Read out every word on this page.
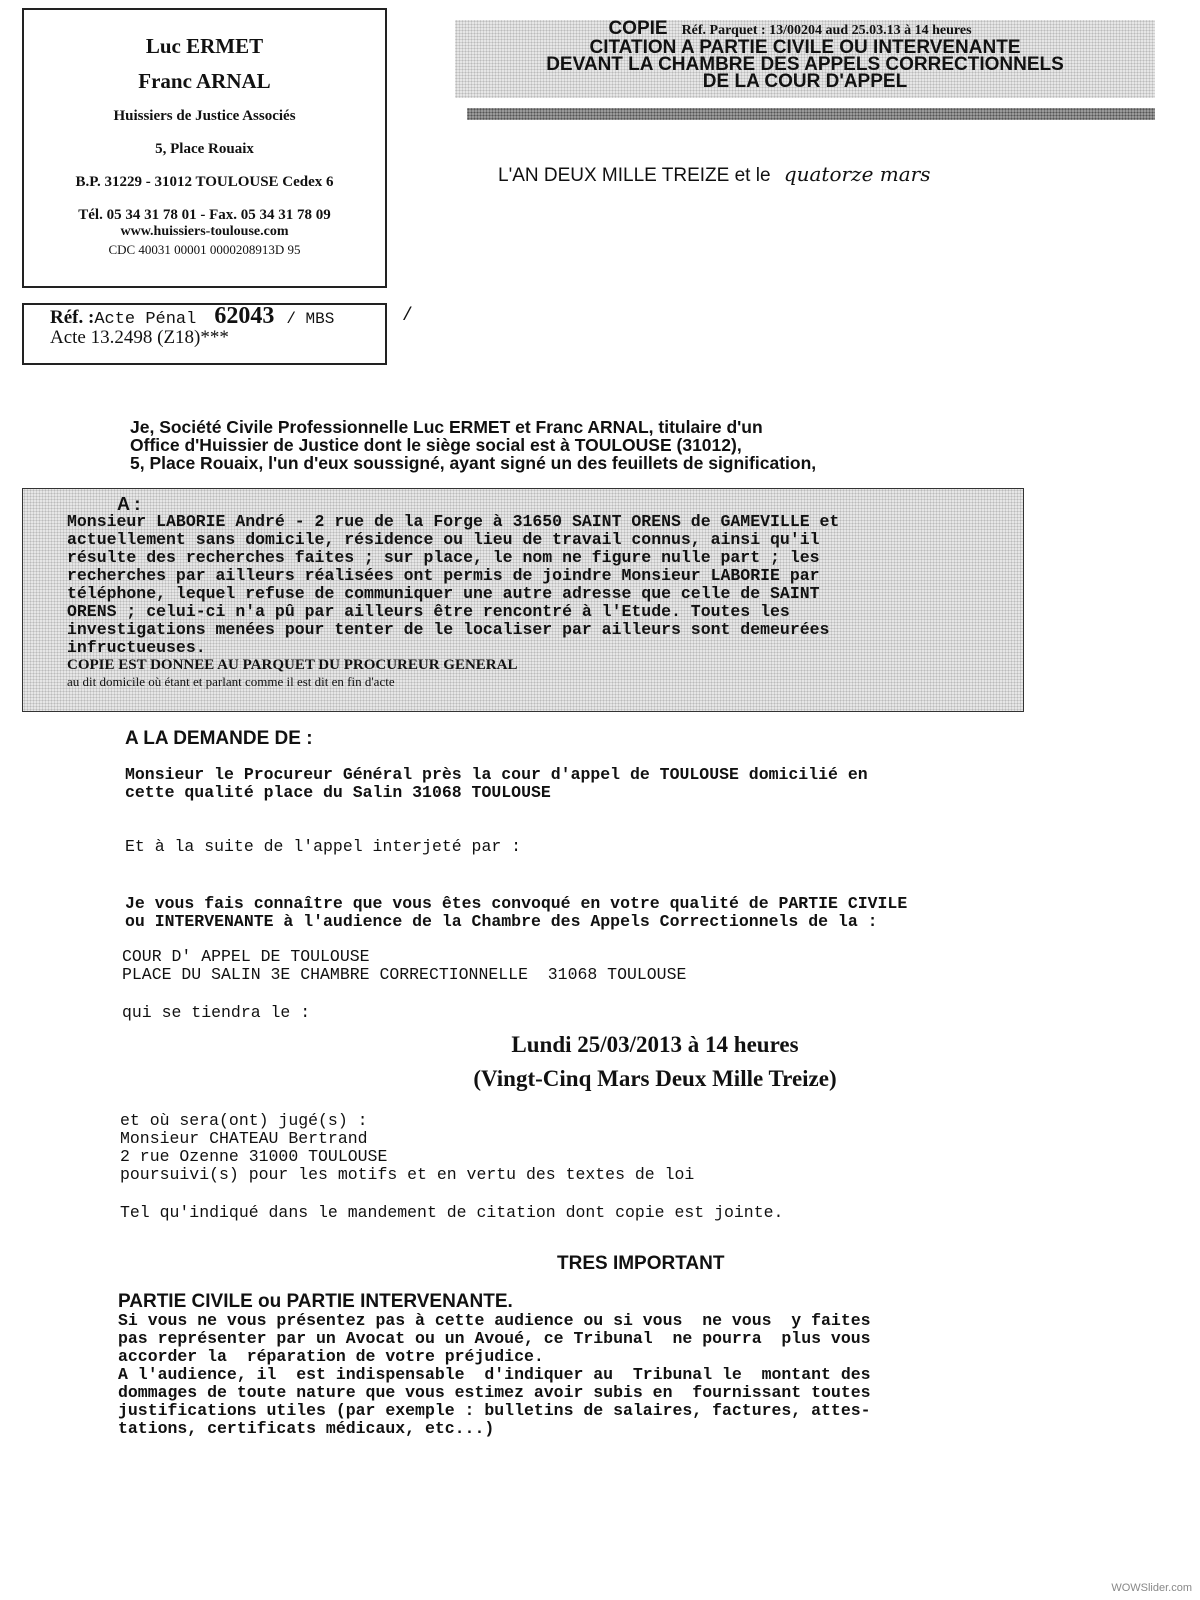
Luc ERMET
Franc ARNAL
Huissiers de Justice Associés
5, Place Rouaix
B.P. 31229 - 31012 TOULOUSE Cedex 6
Tél. 05 34 31 78 01 - Fax. 05 34 31 78 09
www.huissiers-toulouse.com
CDC 40031 00001 0000208913D 95
Réf. :Acte Pénal 62043 / MBS
Acte 13.2498 (Z18)***
/
COPIE Réf. Parquet : 13/00204 aud 25.03.13 à 14 heures
CITATION A PARTIE CIVILE OU INTERVENANTE
DEVANT LA CHAMBRE DES APPELS CORRECTIONNELS
DE LA COUR D'APPEL
L'AN DEUX MILLE TREIZE et le quatorze mars
Je, Société Civile Professionnelle Luc ERMET et Franc ARNAL, titulaire d'un
Office d'Huissier de Justice dont le siège social est à TOULOUSE (31012),
5, Place Rouaix, l'un d'eux soussigné, ayant signé un des feuillets de signification,
A :
Monsieur LABORIE André - 2 rue de la Forge à 31650 SAINT ORENS de GAMEVILLE et
actuellement sans domicile, résidence ou lieu de travail connus, ainsi qu'il
résulte des recherches faites ; sur place, le nom ne figure nulle part ; les
recherches par ailleurs réalisées ont permis de joindre Monsieur LABORIE par
téléphone, lequel refuse de communiquer une autre adresse que celle de SAINT
ORENS ; celui-ci n'a pû par ailleurs être rencontré à l'Etude. Toutes les
investigations menées pour tenter de le localiser par ailleurs sont demeurées
infructueuses.
COPIE EST DONNEE AU PARQUET DU PROCUREUR GENERAL
au dit domicile où étant et parlant comme il est dit en fin d'acte
A LA DEMANDE DE :
Monsieur le Procureur Général près la cour d'appel de TOULOUSE domicilié en
cette qualité place du Salin 31068 TOULOUSE
Et à la suite de l'appel interjeté par :
Je vous fais connaître que vous êtes convoqué en votre qualité de PARTIE CIVILE
ou INTERVENANTE à l'audience de la Chambre des Appels Correctionnels de la :
COUR D' APPEL DE TOULOUSE
PLACE DU SALIN 3E CHAMBRE CORRECTIONNELLE  31068 TOULOUSE
qui se tiendra le :
Lundi 25/03/2013 à 14 heures
(Vingt-Cinq Mars Deux Mille Treize)
et où sera(ont) jugé(s) :
Monsieur CHATEAU Bertrand
2 rue Ozenne 31000 TOULOUSE
poursuivi(s) pour les motifs et en vertu des textes de loi
Tel qu'indiqué dans le mandement de citation dont copie est jointe.
TRES IMPORTANT
PARTIE CIVILE ou PARTIE INTERVENANTE.
Si vous ne vous présentez pas à cette audience ou si vous  ne vous  y faites
pas représenter par un Avocat ou un Avoué, ce Tribunal  ne pourra  plus vous
accorder la  réparation de votre préjudice.
A l'audience, il  est indispensable  d'indiquer au  Tribunal le  montant des
dommages de toute nature que vous estimez avoir subis en  fournissant toutes
justifications utiles (par exemple : bulletins de salaires, factures, attes-
tations, certificats médicaux, etc...)
WOWSlider.com
